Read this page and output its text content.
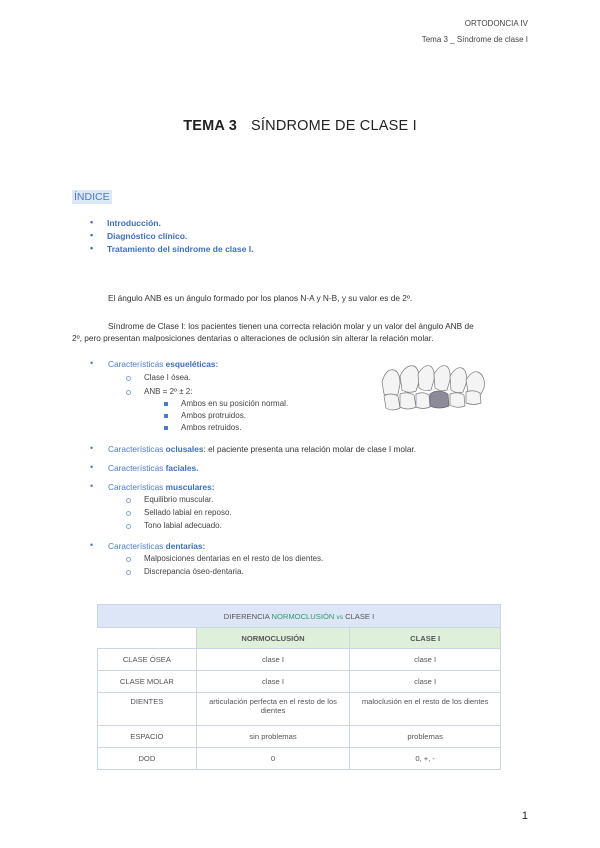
ORTODONCIA IV
Tema 3 _ Síndrome de clase I
TEMA 3 SÍNDROME DE CLASE I
ÍNDICE
• Introducción.
• Diagnóstico clínico.
• Tratamiento del síndrome de clase I.
El ángulo ANB es un ángulo formado por los planos N-A y N-B, y su valor es de 2º.
Síndrome de Clase I: los pacientes tienen una correcta relación molar y un valor del ángulo ANB de
2º, pero presentan malposiciones dentarias o alteraciones de oclusión sin alterar la relación molar.
• Características esqueléticas:
Clase I ósea.
ANB = 2º ± 2:
Ambos en su posición normal.
Ambos protruidos.
Ambos retruidos.
• Características oclusales: el paciente presenta una relación molar de clase I molar.
• Características faciales.
• Características musculares:
Equilibrio muscular.
Sellado labial en reposo.
Tono labial adecuado.
• Características dentarias:
Malposiciones dentarias en el resto de los dientes.
Discrepancia óseo-dentaria.
DIFERENCIA NORMOCLUSIÓN vs CLASE I		
	NORMOCLUSIÓN	CLASE I
CLASE ÓSEA	clase I	clase I
CLASE MOLAR	clase I	clase I
DIENTES	articulación perfecta en el resto de los dientes	maloclusión en el resto de los dientes
ESPACIO	sin problemas	problemas
DOD	0	0, +, -
1
